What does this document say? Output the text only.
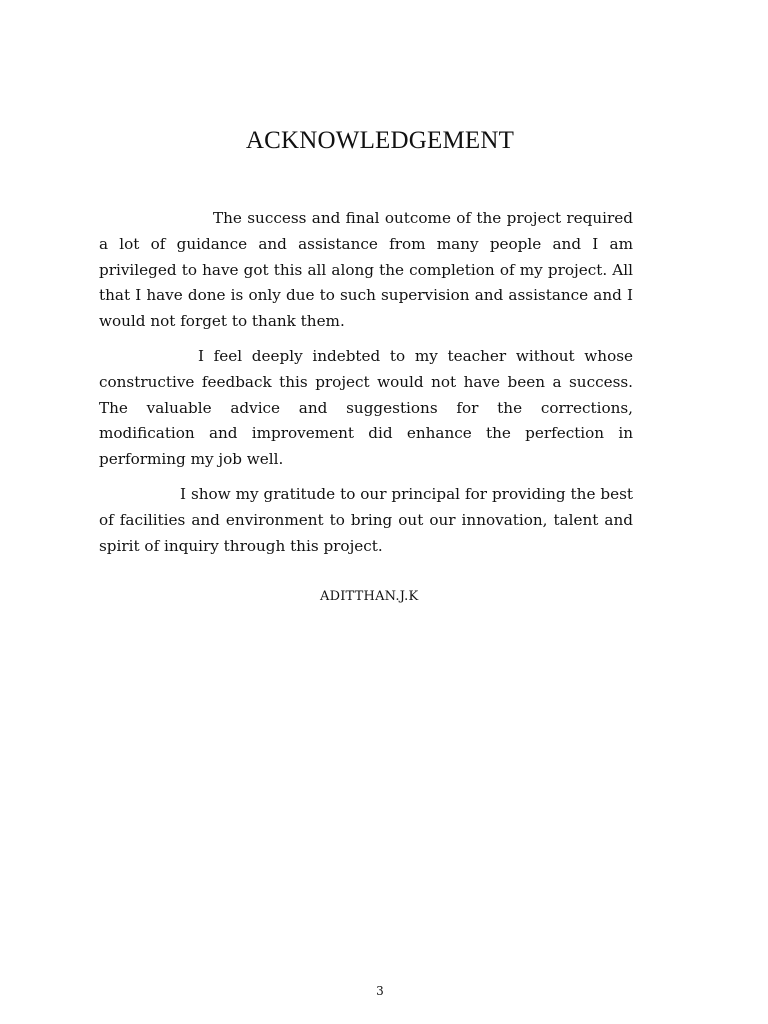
ACKNOWLEDGEMENT

The success and final outcome of the project required a lot of guidance and assistance from many people and I am privileged to have got this all along the completion of my project. All that I have done is only due to such supervision and assistance and I would not forget to thank them.

I feel deeply indebted to my teacher without whose constructive feedback this project would not have been a success. The valuable advice and suggestions for the corrections, modification and improvement did enhance the perfection in performing my job well.

I show my gratitude to our principal for providing the best of facilities and environment to bring out our innovation, talent and spirit of inquiry through this project.

ADITTHAN.J.K

3
